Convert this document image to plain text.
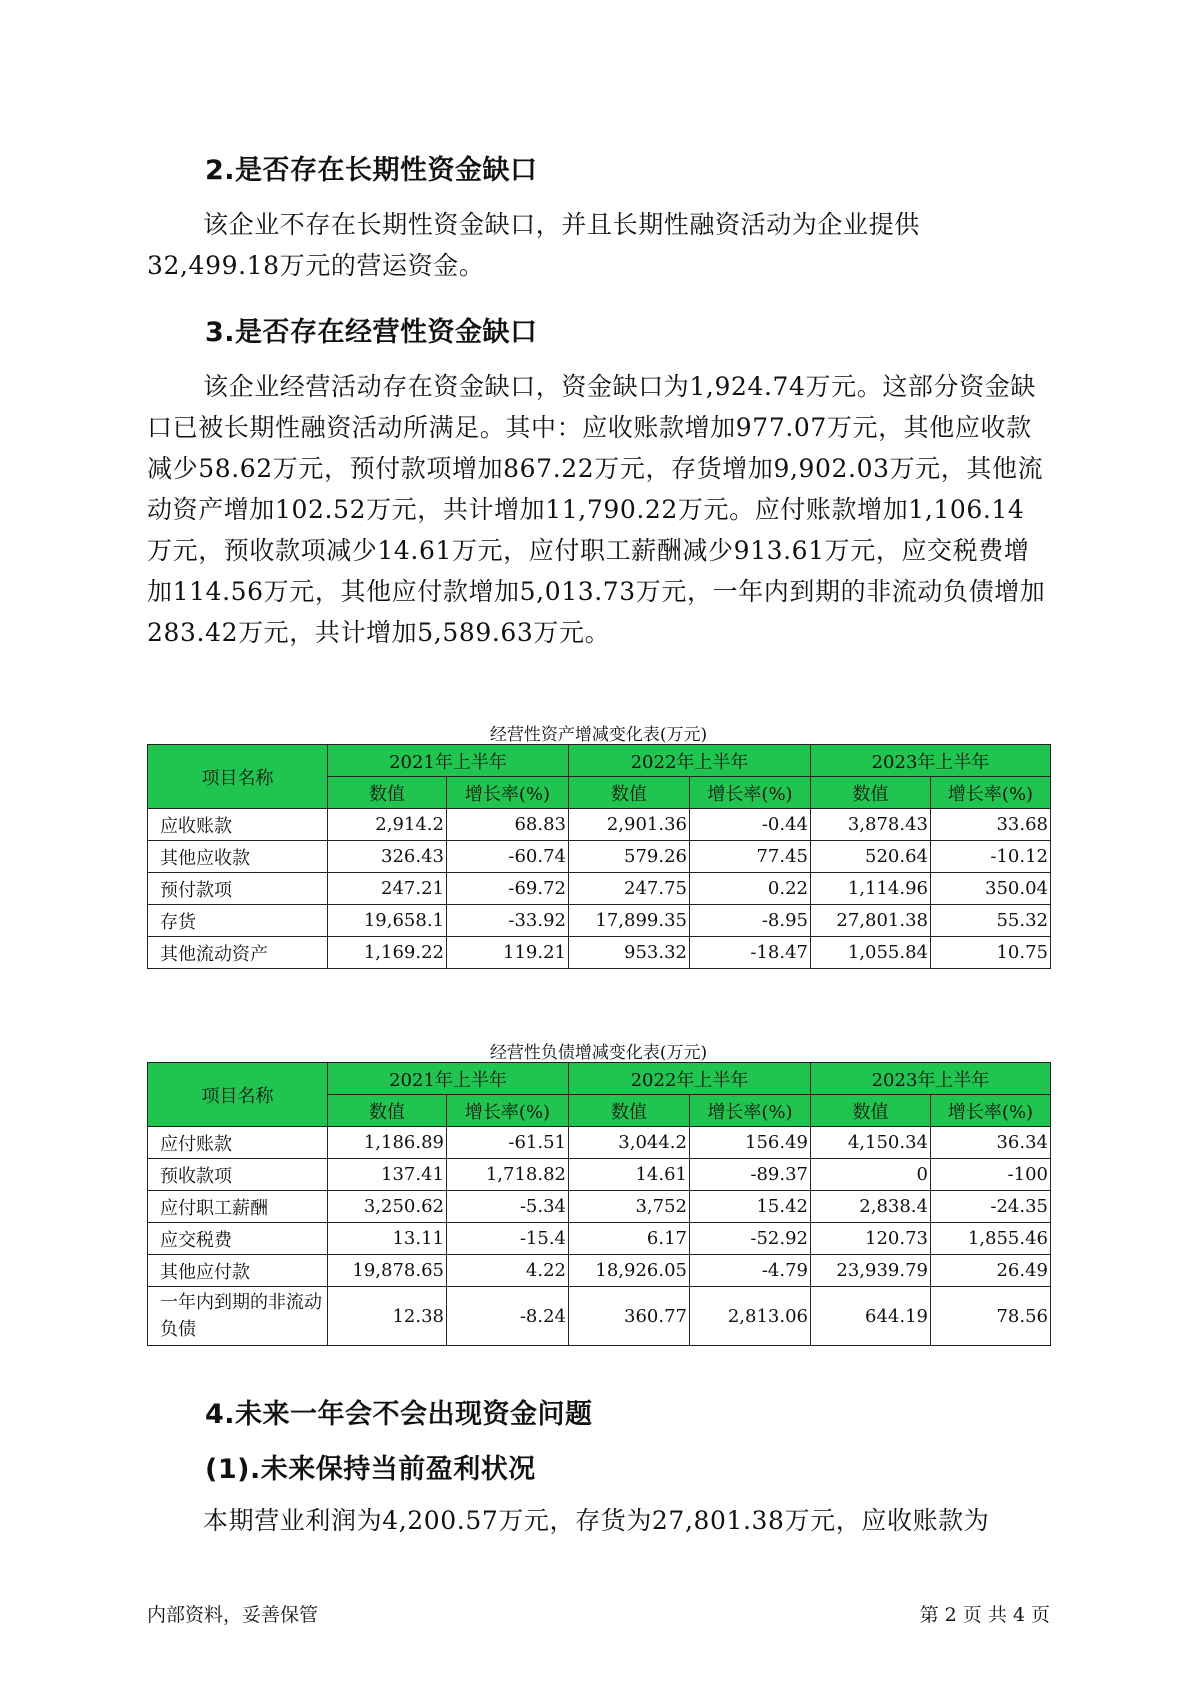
2.是否存在长期性资金缺口

该企业不存在长期性资金缺口，并且长期性融资活动为企业提供32,499.18万元的营运资金。

3.是否存在经营性资金缺口

该企业经营活动存在资金缺口，资金缺口为1,924.74万元。这部分资金缺口已被长期性融资活动所满足。其中：应收账款增加977.07万元，其他应收款减少58.62万元，预付款项增加867.22万元，存货增加9,902.03万元，其他流动资产增加102.52万元，共计增加11,790.22万元。应付账款增加1,106.14万元，预收款项减少14.61万元，应付职工薪酬减少913.61万元，应交税费增加114.56万元，其他应付款增加5,013.73万元，一年内到期的非流动负债增加283.42万元，共计增加5,589.63万元。

经营性资产增减变化表(万元)

项目名称	2021年上半年		2022年上半年		2023年上半年	
	数值	增长率(%)	数值	增长率(%)	数值	增长率(%)
应收账款	2,914.2	68.83	2,901.36	-0.44	3,878.43	33.68
其他应收款	326.43	-60.74	579.26	77.45	520.64	-10.12
预付款项	247.21	-69.72	247.75	0.22	1,114.96	350.04
存货	19,658.1	-33.92	17,899.35	-8.95	27,801.38	55.32
其他流动资产	1,169.22	119.21	953.32	-18.47	1,055.84	10.75

经营性负债增减变化表(万元)

项目名称	2021年上半年		2022年上半年		2023年上半年	
	数值	增长率(%)	数值	增长率(%)	数值	增长率(%)
应付账款	1,186.89	-61.51	3,044.2	156.49	4,150.34	36.34
预收款项	137.41	1,718.82	14.61	-89.37	0	-100
应付职工薪酬	3,250.62	-5.34	3,752	15.42	2,838.4	-24.35
应交税费	13.11	-15.4	6.17	-52.92	120.73	1,855.46
其他应付款	19,878.65	4.22	18,926.05	-4.79	23,939.79	26.49
一年内到期的非流动负债	12.38	-8.24	360.77	2,813.06	644.19	78.56
4.未来一年会不会出现资金问题
(1).未来保持当前盈利状况

本期营业利润为4,200.57万元，存货为27,801.38万元，应收账款为

内部资料，妥善保管	第 2 页 共 4 页
